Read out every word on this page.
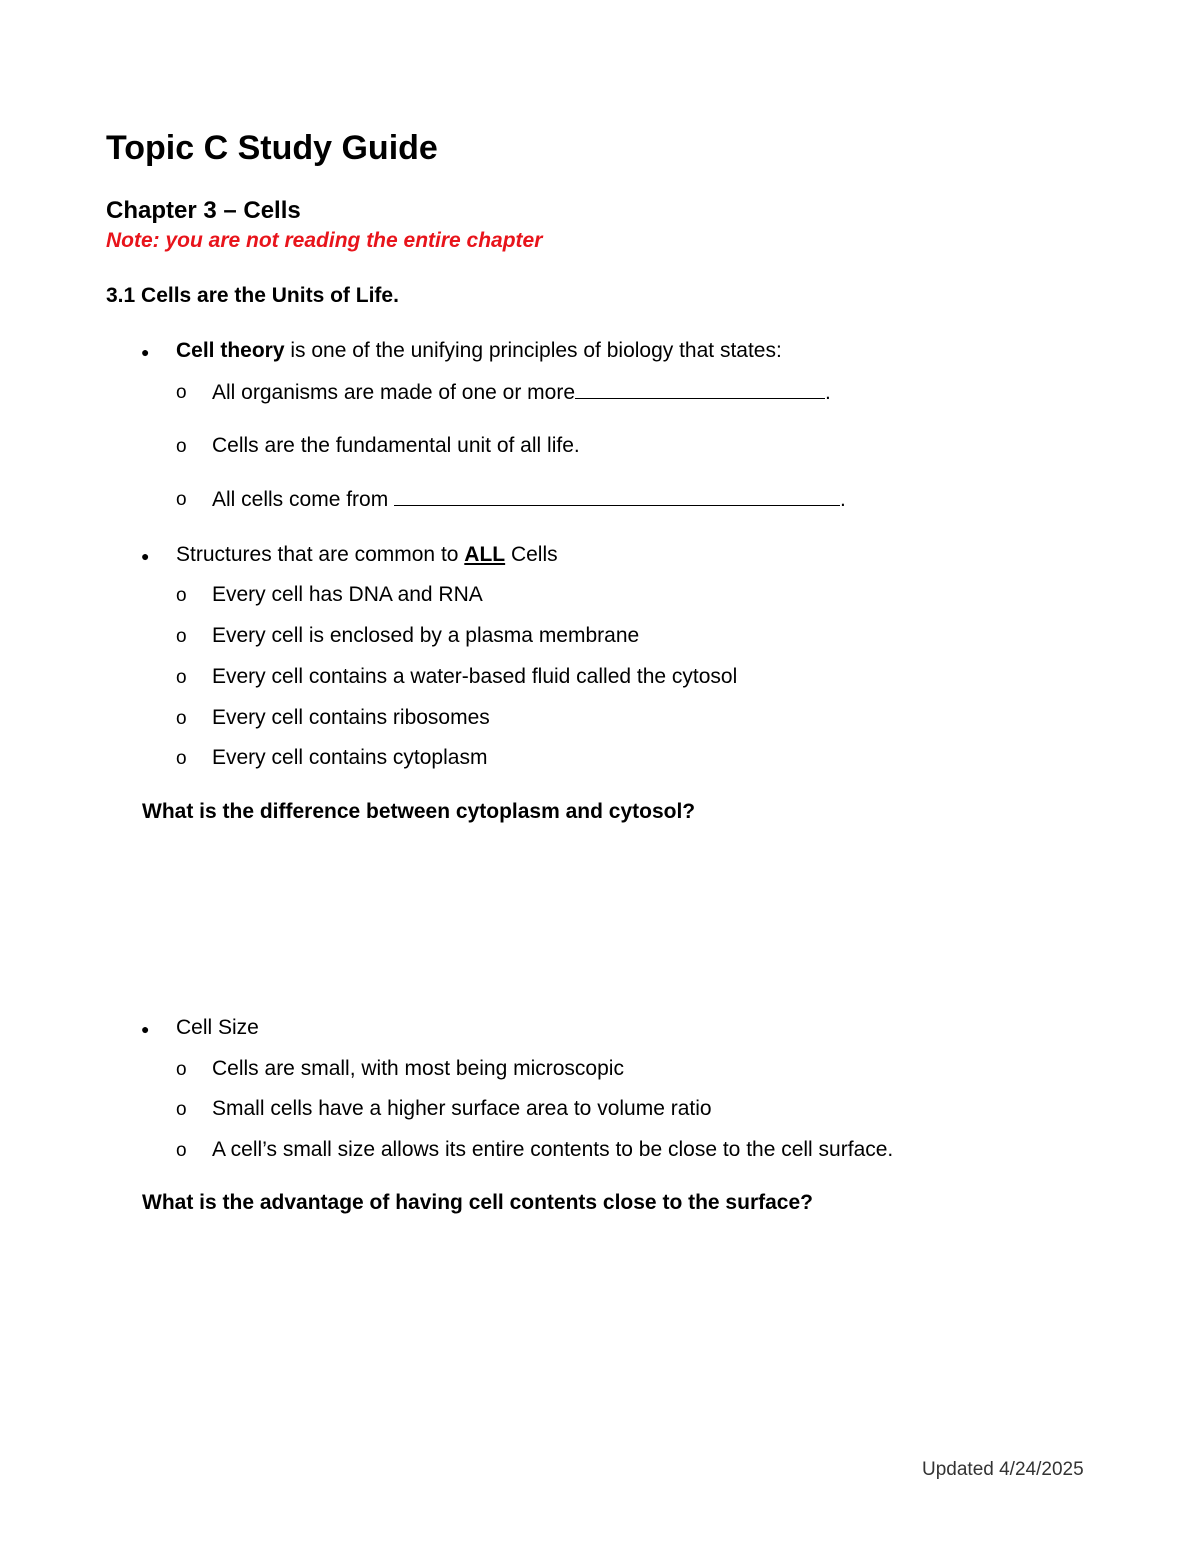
Topic C Study Guide
Chapter 3 – Cells
Note: you are not reading the entire chapter
3.1 Cells are the Units of Life.
● Cell theory is one of the unifying principles of biology that states:
o All organisms are made of one or more	.
o Cells are the fundamental unit of all life.
o All cells come from	.
● Structures that are common to ALL Cells
o Every cell has DNA and RNA
o Every cell is enclosed by a plasma membrane
o Every cell contains a water-based fluid called the cytosol
o Every cell contains ribosomes
o Every cell contains cytoplasm
What is the difference between cytoplasm and cytosol?
● Cell Size
o Cells are small, with most being microscopic
o Small cells have a higher surface area to volume ratio
o A cell’s small size allows its entire contents to be close to the cell surface.
What is the advantage of having cell contents close to the surface?
Updated 4/24/2025
